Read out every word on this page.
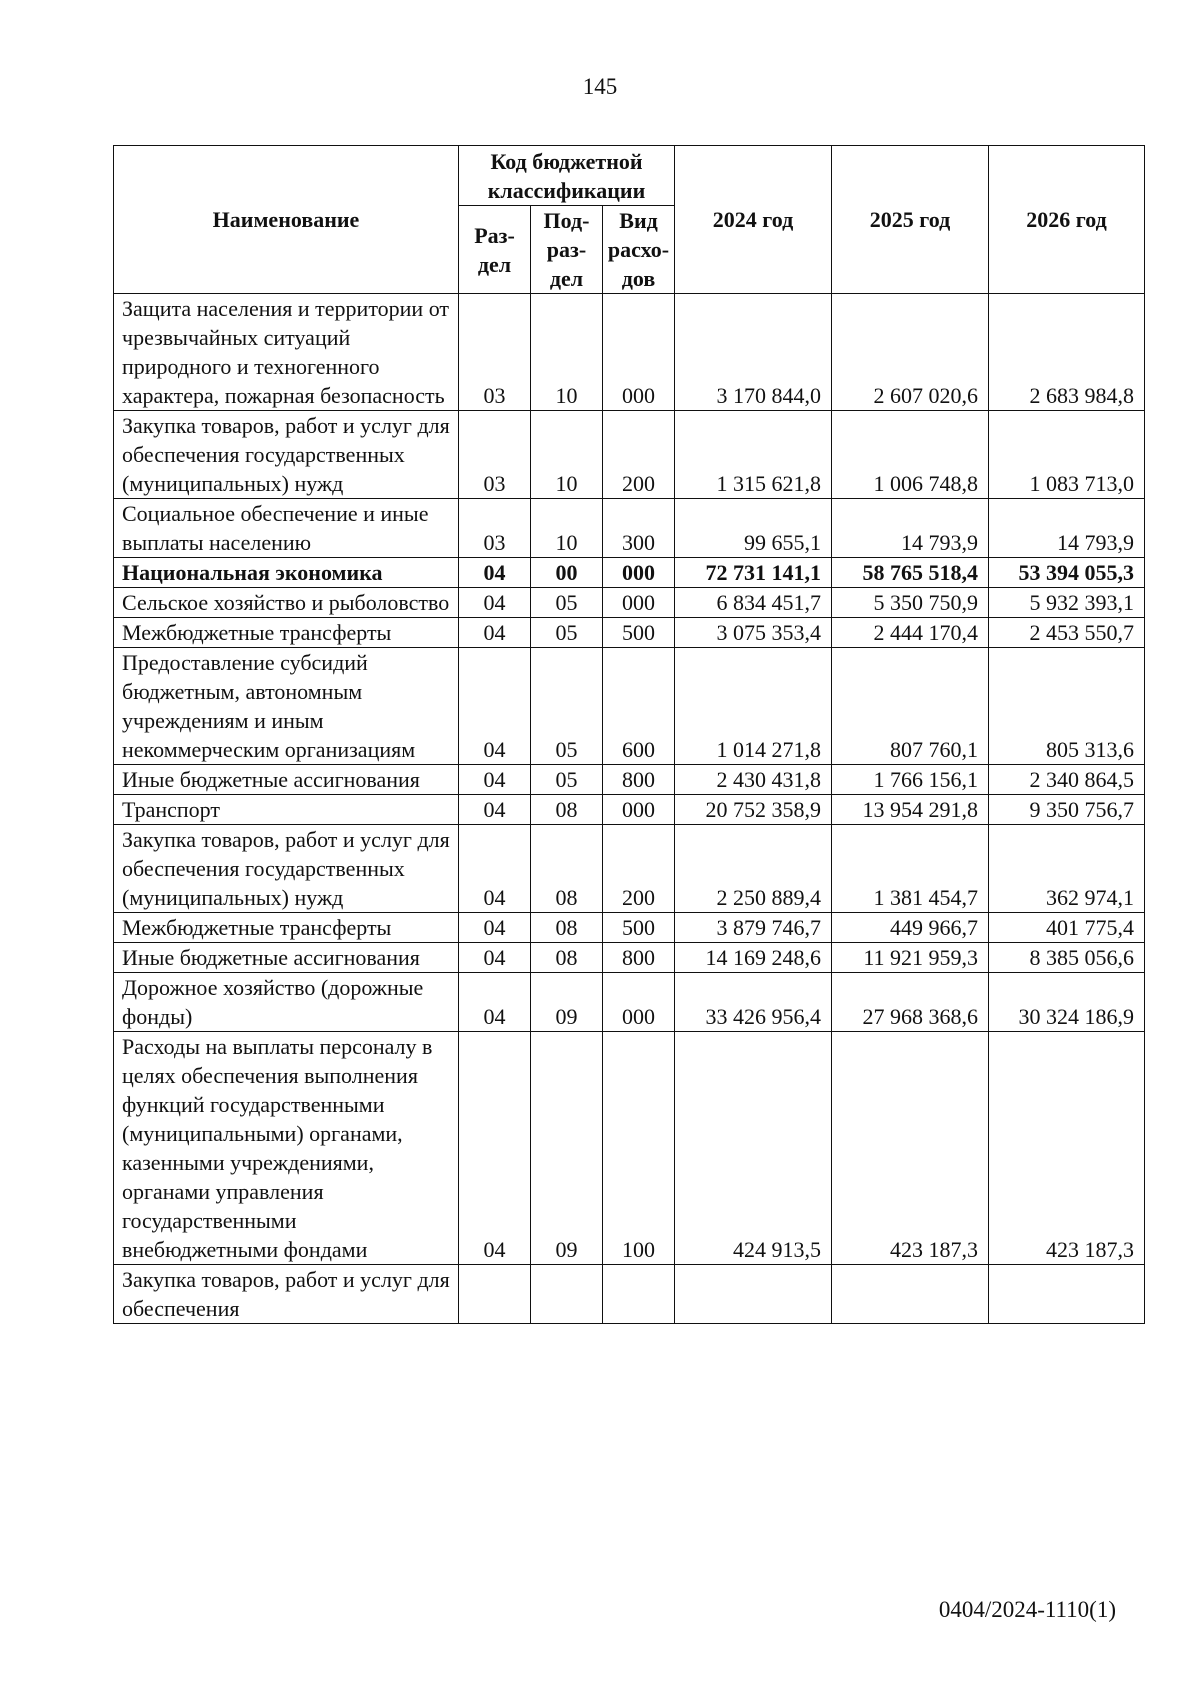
145
Наименование	Код бюджетной классификации			2024 год	2025 год	2026 год
	Раз-дел	Под-раз-дел	Вид расхо-дов			
Защита населения и территории от чрезвычайных ситуаций природного и техногенного характера, пожарная безопасность	03	10	000	3 170 844,0	2 607 020,6	2 683 984,8
Закупка товаров, работ и услуг для обеспечения государственных (муниципальных) нужд	03	10	200	1 315 621,8	1 006 748,8	1 083 713,0
Социальное обеспечение и иные выплаты населению	03	10	300	99 655,1	14 793,9	14 793,9
Национальная экономика	04	00	000	72 731 141,1	58 765 518,4	53 394 055,3
Сельское хозяйство и рыболовство	04	05	000	6 834 451,7	5 350 750,9	5 932 393,1
Межбюджетные трансферты	04	05	500	3 075 353,4	2 444 170,4	2 453 550,7
Предоставление субсидий бюджетным, автономным учреждениям и иным некоммерческим организациям	04	05	600	1 014 271,8	807 760,1	805 313,6
Иные бюджетные ассигнования	04	05	800	2 430 431,8	1 766 156,1	2 340 864,5
Транспорт	04	08	000	20 752 358,9	13 954 291,8	9 350 756,7
Закупка товаров, работ и услуг для обеспечения государственных (муниципальных) нужд	04	08	200	2 250 889,4	1 381 454,7	362 974,1
Межбюджетные трансферты	04	08	500	3 879 746,7	449 966,7	401 775,4
Иные бюджетные ассигнования	04	08	800	14 169 248,6	11 921 959,3	8 385 056,6
Дорожное хозяйство (дорожные фонды)	04	09	000	33 426 956,4	27 968 368,6	30 324 186,9
Расходы на выплаты персоналу в целях обеспечения выполнения функций государственными (муниципальными) органами, казенными учреждениями, органами управления государственными внебюджетными фондами	04	09	100	424 913,5	423 187,3	423 187,3
Закупка товаров, работ и услуг для обеспечения						
0404/2024-1110(1)
